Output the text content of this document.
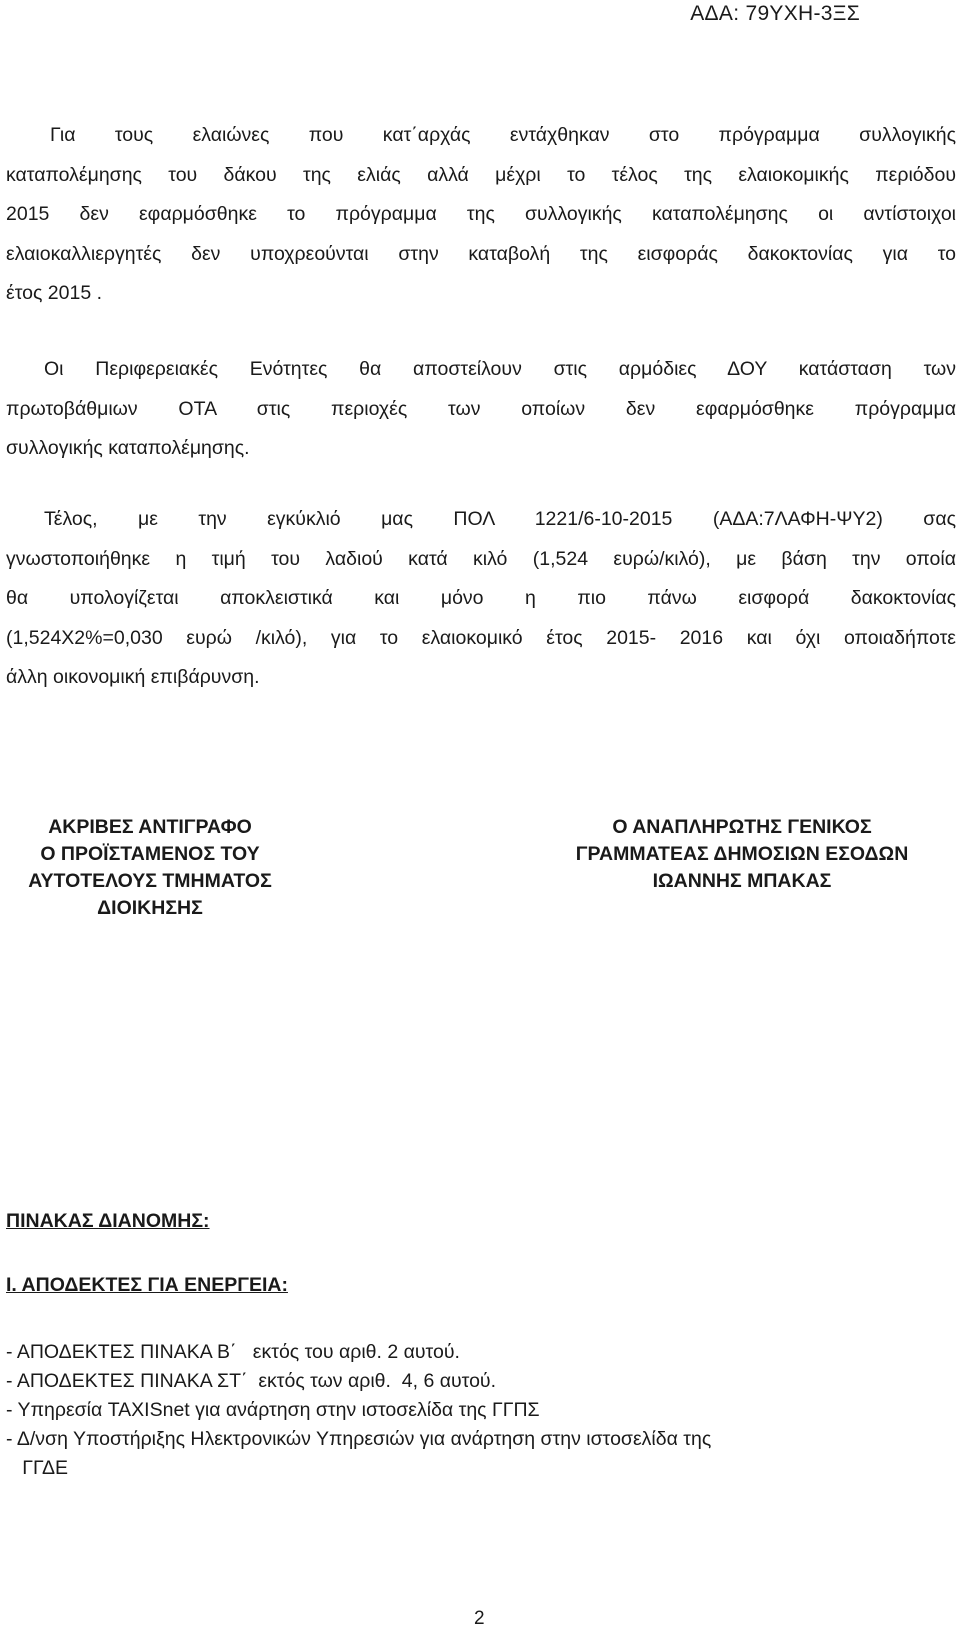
ΑΔΑ: 79ΥΧΗ-3ΞΣ
Για τους ελαιώνες που κατ΄αρχάς εντάχθηκαν στο πρόγραμμα συλλογικής
καταπολέμησης του δάκου της ελιάς αλλά μέχρι το τέλος της ελαιοκομικής περιόδου
2015 δεν εφαρμόσθηκε το πρόγραμμα της συλλογικής καταπολέμησης οι αντίστοιχοι
ελαιοκαλλιεργητές δεν υποχρεούνται στην καταβολή της εισφοράς δακοκτονίας για το
έτος 2015 .
Οι Περιφερειακές Ενότητες θα αποστείλουν στις αρμόδιες ΔΟΥ κατάσταση των
πρωτοβάθμιων ΟΤΑ στις περιοχές των οποίων δεν εφαρμόσθηκε πρόγραμμα
συλλογικής καταπολέμησης.
Τέλος, με την εγκύκλιό μας ΠΟΛ 1221/6-10-2015 (ΑΔΑ:7ΛΑΦΗ-ΨΥ2) σας
γνωστοποιήθηκε η τιμή του λαδιού κατά κιλό (1,524 ευρώ/κιλό), με βάση την οποία
θα υπολογίζεται αποκλειστικά και μόνο η πιο πάνω εισφορά δακοκτονίας
(1,524Χ2%=0,030 ευρώ /κιλό), για το ελαιοκομικό έτος 2015- 2016 και όχι οποιαδήποτε
άλλη οικονομική επιβάρυνση.
ΑΚΡΙΒΕΣ ΑΝΤΙΓΡΑΦΟ
Ο ΠΡΟΪΣΤΑΜΕΝΟΣ ΤΟΥ
ΑΥΤΟΤΕΛΟΥΣ ΤΜΗΜΑΤΟΣ
ΔΙΟΙΚΗΣΗΣ
Ο ΑΝΑΠΛΗΡΩΤΗΣ ΓΕΝΙΚΟΣ
ΓΡΑΜΜΑΤΕΑΣ ΔΗΜΟΣΙΩΝ ΕΣΟΔΩΝ
ΙΩΑΝΝΗΣ ΜΠΑΚΑΣ
ΠΙΝΑΚΑΣ ΔΙΑΝΟΜΗΣ:
Ι. ΑΠΟΔΕΚΤΕΣ ΓΙΑ ΕΝΕΡΓΕΙΑ:
- ΑΠΟΔΕΚΤΕΣ ΠΙΝΑΚΑ Β΄   εκτός του αριθ. 2 αυτού.
- ΑΠΟΔΕΚΤΕΣ ΠΙΝΑΚΑ ΣΤ΄  εκτός των αριθ.  4, 6 αυτού.
- Υπηρεσία TAXISnet για ανάρτηση στην ιστοσελίδα της ΓΓΠΣ
- Δ/νση Υποστήριξης Ηλεκτρονικών Υπηρεσιών για ανάρτηση στην ιστοσελίδα της
ΓΓΔΕ
2
